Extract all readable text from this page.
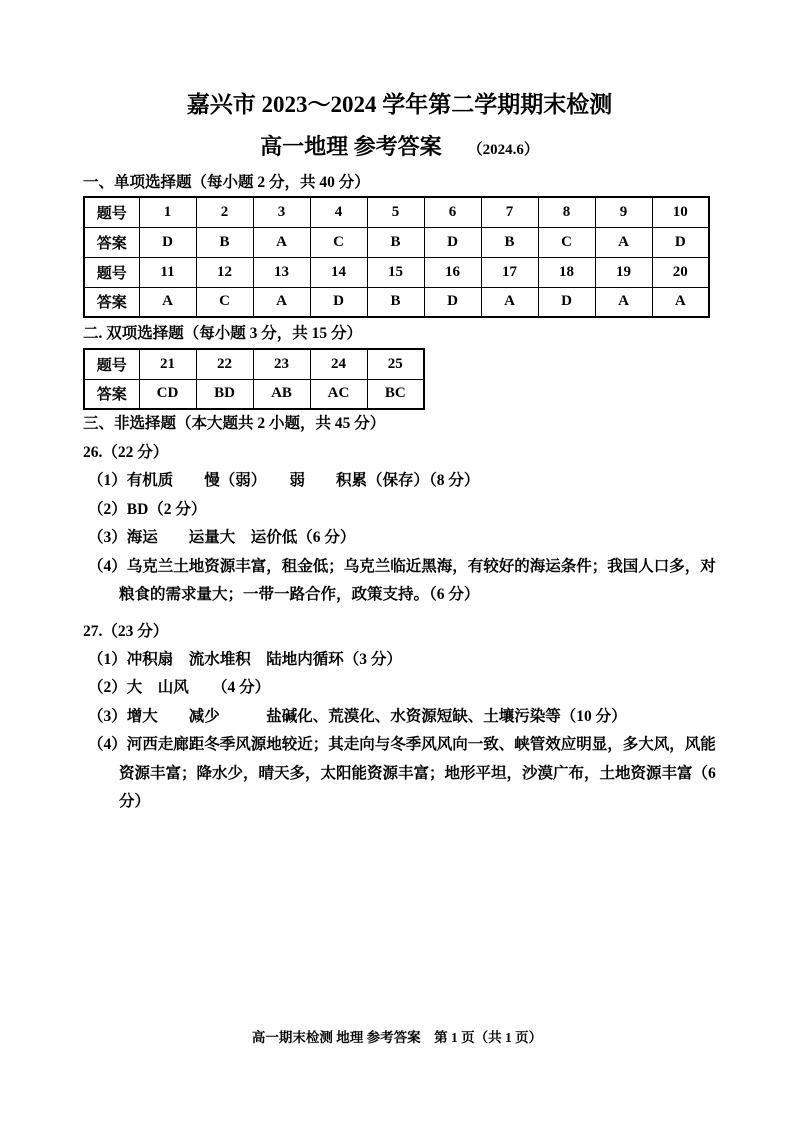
嘉兴市 2023～2024 学年第二学期期末检测
高一地理 参考答案 （2024.6）
一、单项选择题（每小题 2 分，共 40 分）
题号	1	2	3	4	5	6	7	8	9	10
答案	D	B	A	C	B	D	B	C	A	D
题号	11	12	13	14	15	16	17	18	19	20
答案	A	C	A	D	B	D	A	D	A	A
二. 双项选择题（每小题 3 分，共 15 分）
题号	21	22	23	24	25
答案	CD	BD	AB	AC	BC
三、非选择题（本大题共 2 小题，共 45 分）
26.（22 分）
（1）有机质　　慢（弱）　　弱　　积累（保存）（8 分）
（2）BD（2 分）
（3）海运　　运量大　运价低（6 分）
（4）乌克兰土地资源丰富，租金低；乌克兰临近黑海，有较好的海运条件；我国人口多，对粮食的需求量大；一带一路合作，政策支持。（6 分）
27.（23 分）
（1）冲积扇　流水堆积　陆地内循环（3 分）
（2）大　山风　　（4 分）
（3）增大　　减少　　　盐碱化、荒漠化、水资源短缺、土壤污染等（10 分）
（4）河西走廊距冬季风源地较近；其走向与冬季风风向一致、峡管效应明显，多大风，风能资源丰富；降水少，晴天多，太阳能资源丰富；地形平坦，沙漠广布，土地资源丰富（6 分）
高一期末检测 地理 参考答案　第 1 页（共 1 页）
